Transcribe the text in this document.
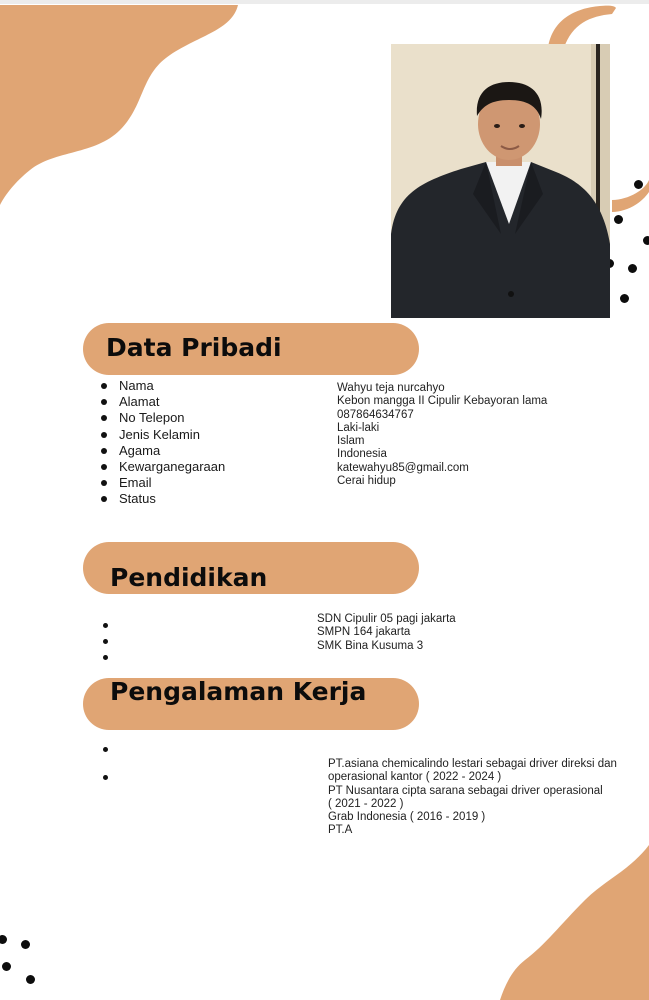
Data Pribadi
Nama
Alamat
No Telepon
Jenis Kelamin
Agama
Kewarganegaraan
Email
Status
Wahyu teja nurcahyo
Kebon mangga II Cipulir Kebayoran lama
087864634767
Laki-laki
Islam
Indonesia
katewahyu85@gmail.com
Cerai hidup
Pendidikan
SDN Cipulir 05 pagi jakarta
SMPN 164 jakarta
SMK Bina Kusuma 3
Pengalaman Kerja
PT.asiana chemicalindo lestari sebagai driver direksi dan
operasional kantor ( 2022 - 2024 )
PT Nusantara cipta sarana sebagai driver operasional
( 2021 - 2022 )
Grab Indonesia ( 2016 - 2019 )
PT.A
